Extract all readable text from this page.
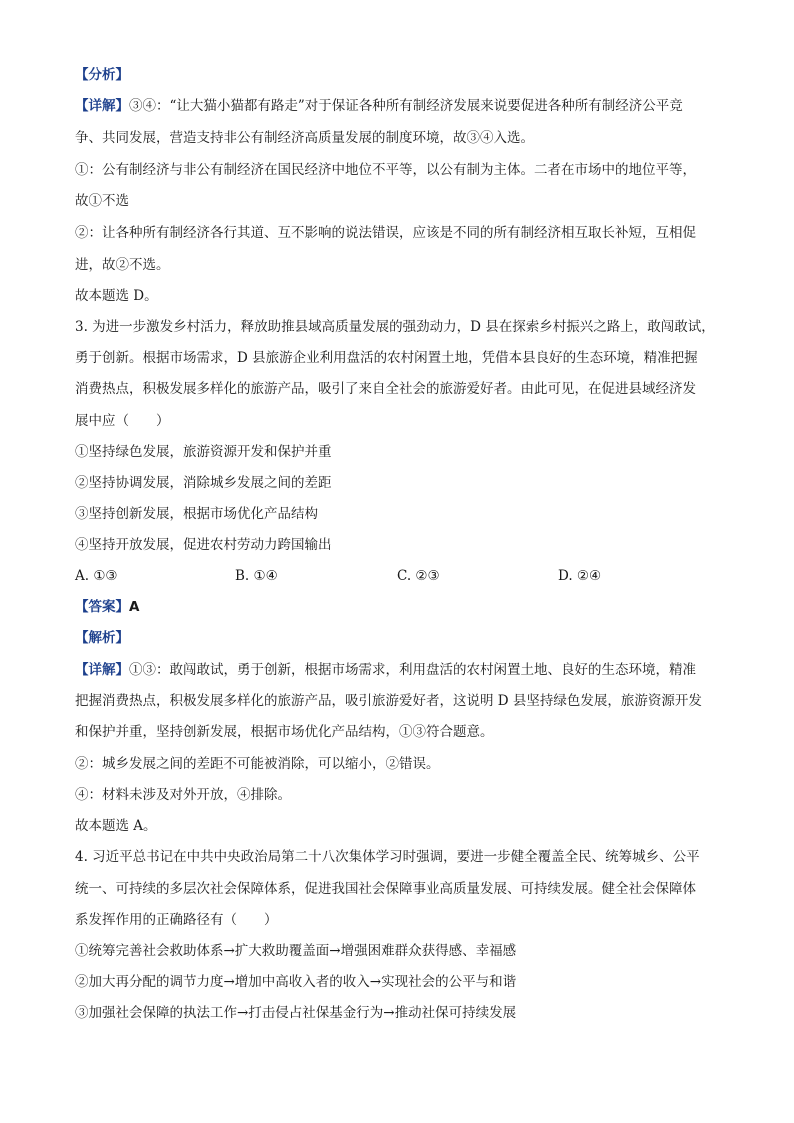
【分析】
【详解】③④：“让大猫小猫都有路走”对于保证各种所有制经济发展来说要促进各种所有制经济公平竞
争、共同发展，营造支持非公有制经济高质量发展的制度环境，故③④入选。
①：公有制经济与非公有制经济在国民经济中地位不平等，以公有制为主体。二者在市场中的地位平等，
故①不选
②：让各种所有制经济各行其道、互不影响的说法错误，应该是不同的所有制经济相互取长补短，互相促
进，故②不选。
故本题选 D。
3. 为进一步激发乡村活力，释放助推县域高质量发展的强劲动力，D 县在探索乡村振兴之路上，敢闯敢试，
勇于创新。根据市场需求，D 县旅游企业利用盘活的农村闲置土地，凭借本县良好的生态环境，精准把握
消费热点，积极发展多样化的旅游产品，吸引了来自全社会的旅游爱好者。由此可见，在促进县域经济发
展中应（　　）
①坚持绿色发展，旅游资源开发和保护并重
②坚持协调发展，消除城乡发展之间的差距
③坚持创新发展，根据市场优化产品结构
④坚持开放发展，促进农村劳动力跨国输出
A. ①③	B. ①④	C. ②③	D. ②④
【答案】A
【解析】
【详解】①③：敢闯敢试，勇于创新，根据市场需求，利用盘活的农村闲置土地、良好的生态环境，精准
把握消费热点，积极发展多样化的旅游产品，吸引旅游爱好者，这说明 D 县坚持绿色发展，旅游资源开发
和保护并重，坚持创新发展，根据市场优化产品结构，①③符合题意。
②：城乡发展之间的差距不可能被消除，可以缩小，②错误。
④：材料未涉及对外开放，④排除。
故本题选 A。
4. 习近平总书记在中共中央政治局第二十八次集体学习时强调，要进一步健全覆盖全民、统筹城乡、公平
统一、可持续的多层次社会保障体系，促进我国社会保障事业高质量发展、可持续发展。健全社会保障体
系发挥作用的正确路径有（　　）
①统筹完善社会救助体系→扩大救助覆盖面→增强困难群众获得感、幸福感
②加大再分配的调节力度→增加中高收入者的收入→实现社会的公平与和谐
③加强社会保障的执法工作→打击侵占社保基金行为→推动社保可持续发展
